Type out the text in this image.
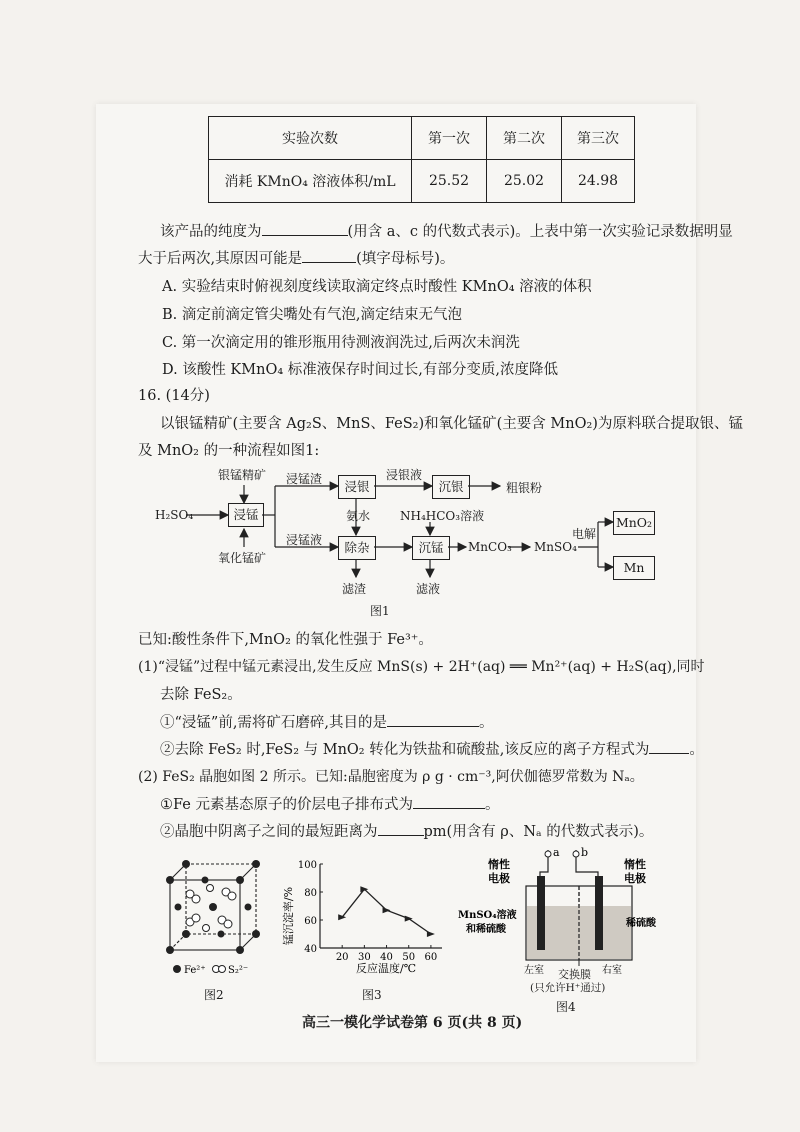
实验次数	第一次	第二次	第三次
消耗 KMnO₄ 溶液体积/mL	25.52	25.02	24.98
该产品的纯度为	(用含 a、c 的代数式表示)。上表中第一次实验记录数据明显
大于后两次,其原因可能是	(填字母标号)。
A. 实验结束时俯视刻度线读取滴定终点时酸性 KMnO₄ 溶液的体积
B. 滴定前滴定管尖嘴处有气泡,滴定结束无气泡
C. 第一次滴定用的锥形瓶用待测液润洗过,后两次未润洗
D. 该酸性 KMnO₄ 标准液保存时间过长,有部分变质,浓度降低
16. (14分)
以银锰精矿(主要含 Ag₂S、MnS、FeS₂)和氧化锰矿(主要含 MnO₂)为原料联合提取银、锰
及 MnO₂ 的一种流程如图1:
银锰精矿
H₂SO₄
氧化锰矿
浸锰
浸锰渣
浸锰液
浸银
浸银液
沉银	粗银粉
氨水 NH₄HCO₃溶液
除杂	沉锰
滤渣	滤液
MnCO₃ MnSO₄
电解
MnO₂
Mn
图1
已知:酸性条件下,MnO₂ 的氧化性强于 Fe³⁺。
(1)“浸锰”过程中锰元素浸出,发生反应 MnS(s) + 2H⁺(aq) ══ Mn²⁺(aq) + H₂S(aq),同时
去除 FeS₂。
①“浸锰”前,需将矿石磨碎,其目的是	。
②去除 FeS₂ 时,FeS₂ 与 MnO₂ 转化为铁盐和硫酸盐,该反应的离子方程式为	。
(2) FeS₂ 晶胞如图 2 所示。已知:晶胞密度为 ρ g · cm⁻³,阿伏伽德罗常数为 Nₐ。
①Fe 元素基态原子的价层电子排布式为	。
②晶胞中阴离子之间的最短距离为	pm(用含有 ρ、Nₐ 的代数式表示)。
Fe²⁺ S₂²⁻
图2
40
60
80
100
20 30 40 50 60
锰沉淀率/%
反应温度/℃
图3
a b
惰性
电极
惰性
电极
MnSO₄溶液
和稀硫酸
稀硫酸
左室	右室
交换膜
(只允许H⁺通过)
图4
高三一模化学试卷第 6 页(共 8 页)
